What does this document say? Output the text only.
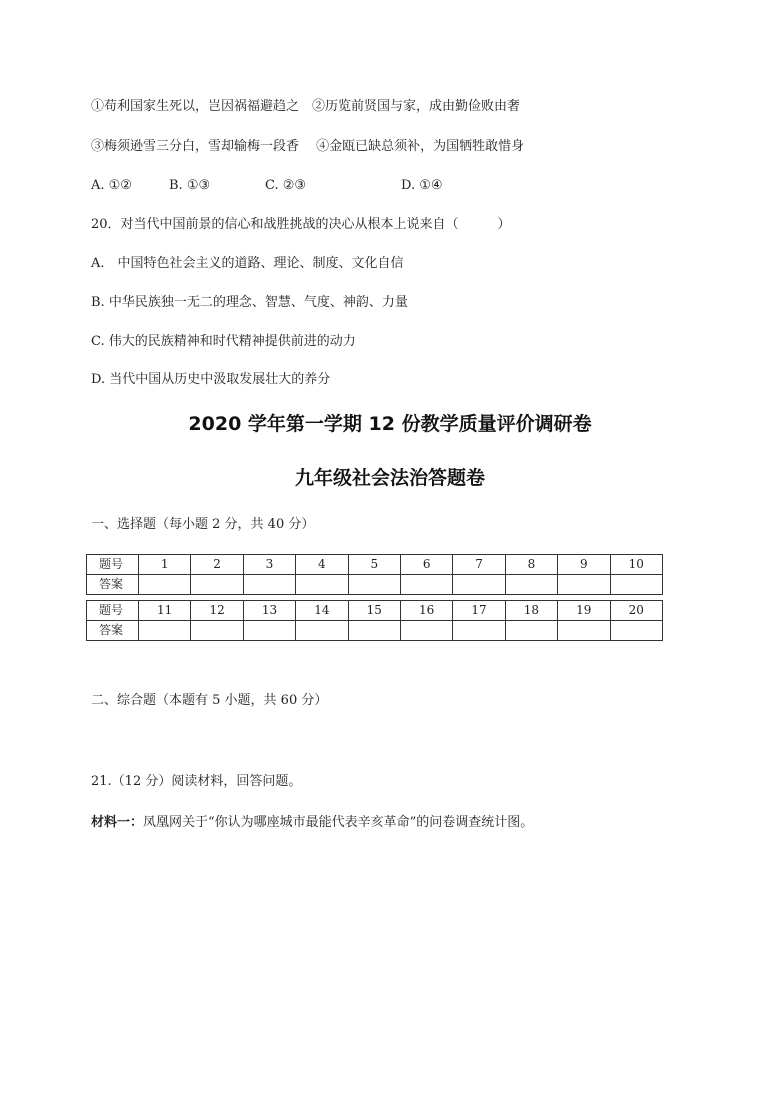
①苟利国家生死以，岂因祸福避趋之　②历览前贤国与家，成由勤俭败由奢
③梅须逊雪三分白，雪却输梅一段香　 ④金瓯已缺总须补，为国牺牲敢惜身
A. ①②	B. ①③	C. ②③	D. ①④
20．对当代中国前景的信心和战胜挑战的决心从根本上说来自（　　　）
A.　中国特色社会主义的道路、理论、制度、文化自信
B. 中华民族独一无二的理念、智慧、气度、神韵、力量
C. 伟大的民族精神和时代精神提供前进的动力
D. 当代中国从历史中汲取发展壮大的养分
2020 学年第一学期 12 份教学质量评价调研卷
九年级社会法治答题卷
一、选择题（每小题 2 分，共 40 分）
题号	1	2	3	4	5	6	7	8	9	10
答案										
题号	11	12	13	14	15	16	17	18	19	20
答案										
二、综合题（本题有 5 小题，共 60 分）
21.（12 分）阅读材料，回答问题。
材料一：凤凰网关于“你认为哪座城市最能代表辛亥革命”的问卷调查统计图。
